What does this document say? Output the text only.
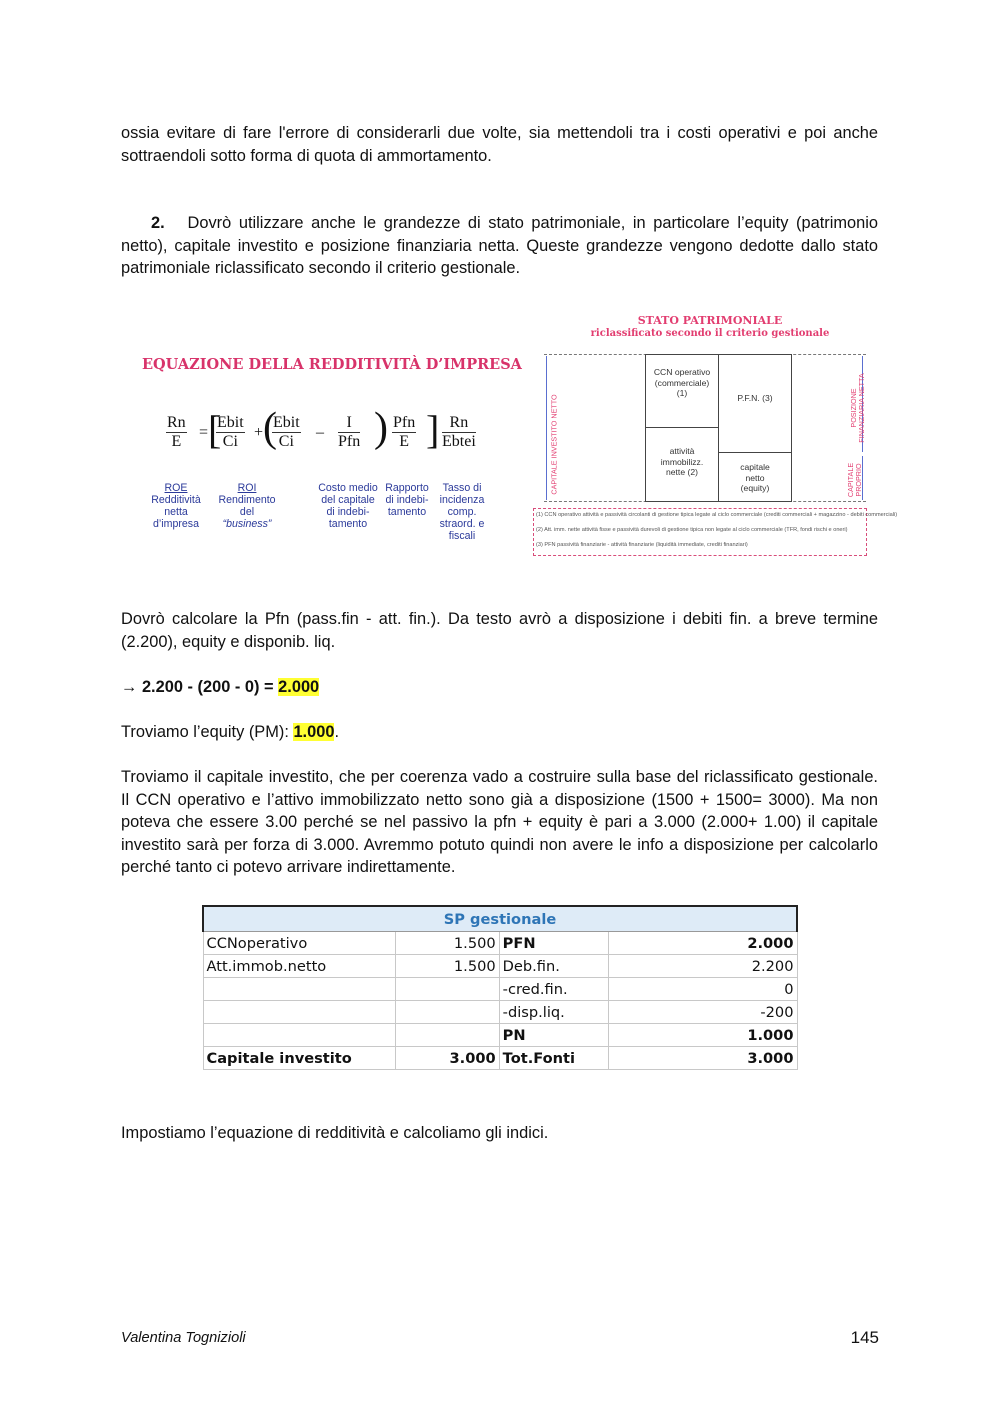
ossia evitare di fare l'errore di considerarli due volte, sia mettendoli tra i costi operativi e poi anche sottraendoli sotto forma di quota di ammortamento.
2. Dovrò utilizzare anche le grandezze di stato patrimoniale, in particolare l’equity (patrimonio netto), capitale investito e posizione finanziaria netta. Queste grandezze vengono dedotte dallo stato patrimoniale riclassificato secondo il criterio gestionale.
EQUAZIONE DELLA REDDITIVITÀ D’IMPRESA
$\frac{Rn}{E}$ = [
Ebit
Ci
+ (
Ebit
Ci
–
I
Pfn ) Pfn
E ] Rn
Ebtei
ROE
Redditività netta d’impresa
ROI
Rendimento del
“business”
Costo medio del capitale di indebi- tamento
Rapporto di indebi- tamento
Tasso di incidenza comp. straord. e fiscali
STATO PATRIMONIALE
riclassificato secondo il criterio gestionale
CAPITALE INVESTITO NETTO	POSIZIONE FINANZIARIA NETTA
CAPITALE PROPRIO
CCN operativo (commerciale) (1)
attività immobilizz. nette (2)
P.F.N. (3)
capitale netto (equity)
(1) CCN operativo attività e passività circolanti di gestione tipica legate al ciclo commerciale (crediti commerciali + magazzino - debiti commerciali)
(2) Att. imm. nette attività fisse e passività durevoli di gestione tipica non legate al ciclo commerciale (TFR, fondi rischi e oneri)
(3) PFN passività finanziarie - attività finanziarie (liquidità immediate, crediti finanziari)
Dovrò calcolare la Pfn (pass.fin - att. fin.). Da testo avrò a disposizione i debiti fin. a breve termine (2.200), equity e disponib. liq.
→ 2.200 - (200 - 0) = 2.000
Troviamo l’equity (PM): 1.000.
Troviamo il capitale investito, che per coerenza vado a costruire sulla base del riclassificato gestionale. Il CCN operativo e l’attivo immobilizzato netto sono già a disposizione (1500 + 1500= 3000). Ma non poteva che essere 3.00 perché se nel passivo la pfn + equity è pari a 3.000 (2.000+ 1.00) il capitale investito sarà per forza di 3.000. Avremmo potuto quindi non avere le info a disposizione per calcolarlo perché tanto ci potevo arrivare indirettamente.
SP gestionale			
CCNoperativo	1.500	PFN	2.000
Att.immob.netto	1.500	Deb.fin.	2.200
		-cred.fin.	0
		-disp.liq.	-200
		PN	1.000
Capitale investito	3.000	Tot.Fonti	3.000
Impostiamo l’equazione di redditività e calcoliamo gli indici.
Valentina Tognizioli	145
